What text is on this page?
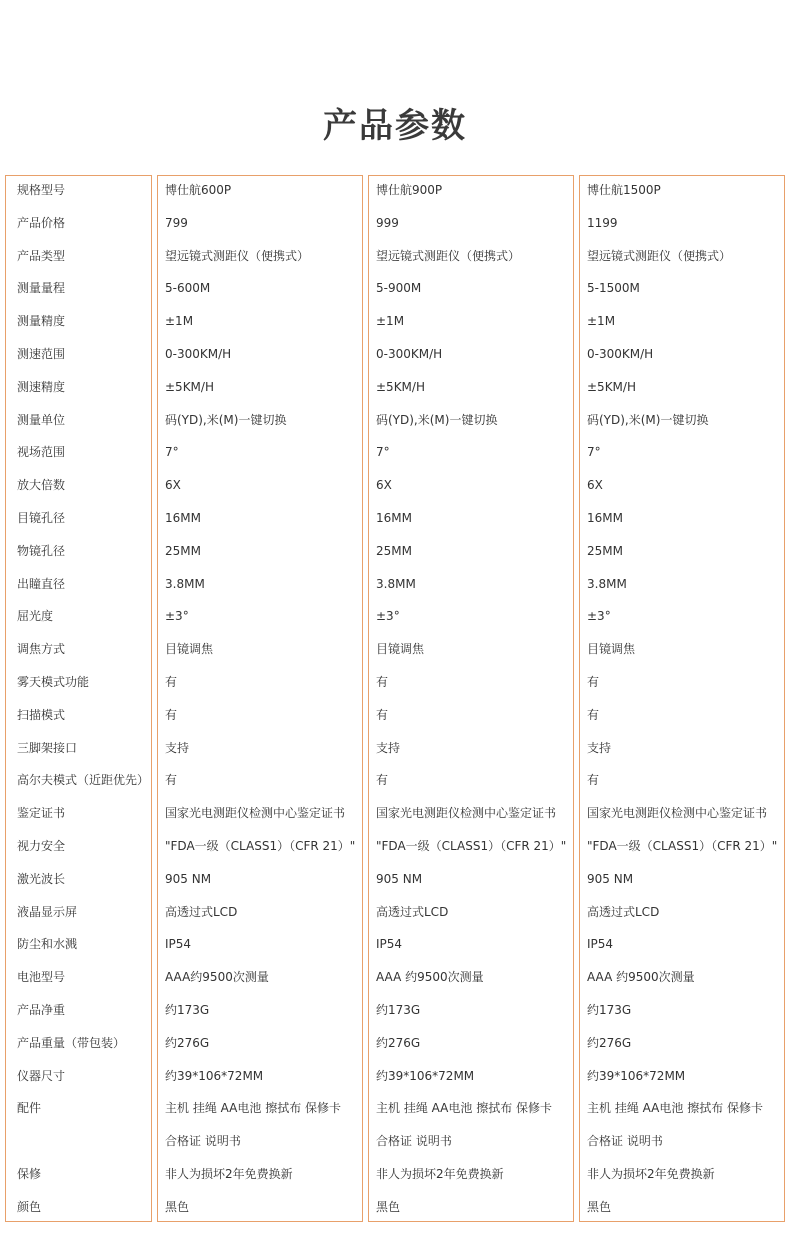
产品参数
规格型号
产品价格
产品类型
测量量程
测量精度
测速范围
测速精度
测量单位
视场范围
放大倍数
目镜孔径
物镜孔径
出瞳直径
屈光度
调焦方式
雾天模式功能
扫描模式
三脚架接口
高尔夫模式（近距优先）
鉴定证书
视力安全
激光波长
液晶显示屏
防尘和水溅
电池型号
产品净重
产品重量（带包装）
仪器尺寸
配件
保修
颜色
博仕航600P
799
望远镜式测距仪（便携式）
5-600M
±1M
0-300KM/H
±5KM/H
码(YD),米(M)一键切换
7°
6X
16MM
25MM
3.8MM
±3°
目镜调焦
有
有
支持
有
国家光电测距仪检测中心鉴定证书
"FDA一级（CLASS1）（CFR 21）"
905 NM
高透过式LCD
IP54
AAA约9500次测量
约173G
约276G
约39*106*72MM
主机 挂绳 AA电池 擦拭布 保修卡
合格证 说明书
非人为损坏2年免费换新
黑色
博仕航900P
999
望远镜式测距仪（便携式）
5-900M
±1M
0-300KM/H
±5KM/H
码(YD),米(M)一键切换
7°
6X
16MM
25MM
3.8MM
±3°
目镜调焦
有
有
支持
有
国家光电测距仪检测中心鉴定证书
"FDA一级（CLASS1）（CFR 21）"
905 NM
高透过式LCD
IP54
AAA 约9500次测量
约173G
约276G
约39*106*72MM
主机 挂绳 AA电池 擦拭布 保修卡
合格证 说明书
非人为损坏2年免费换新
黑色
博仕航1500P
1199
望远镜式测距仪（便携式）
5-1500M
±1M
0-300KM/H
±5KM/H
码(YD),米(M)一键切换
7°
6X
16MM
25MM
3.8MM
±3°
目镜调焦
有
有
支持
有
国家光电测距仪检测中心鉴定证书
"FDA一级（CLASS1）（CFR 21）"
905 NM
高透过式LCD
IP54
AAA 约9500次测量
约173G
约276G
约39*106*72MM
主机 挂绳 AA电池 擦拭布 保修卡
合格证 说明书
非人为损坏2年免费换新
黑色
